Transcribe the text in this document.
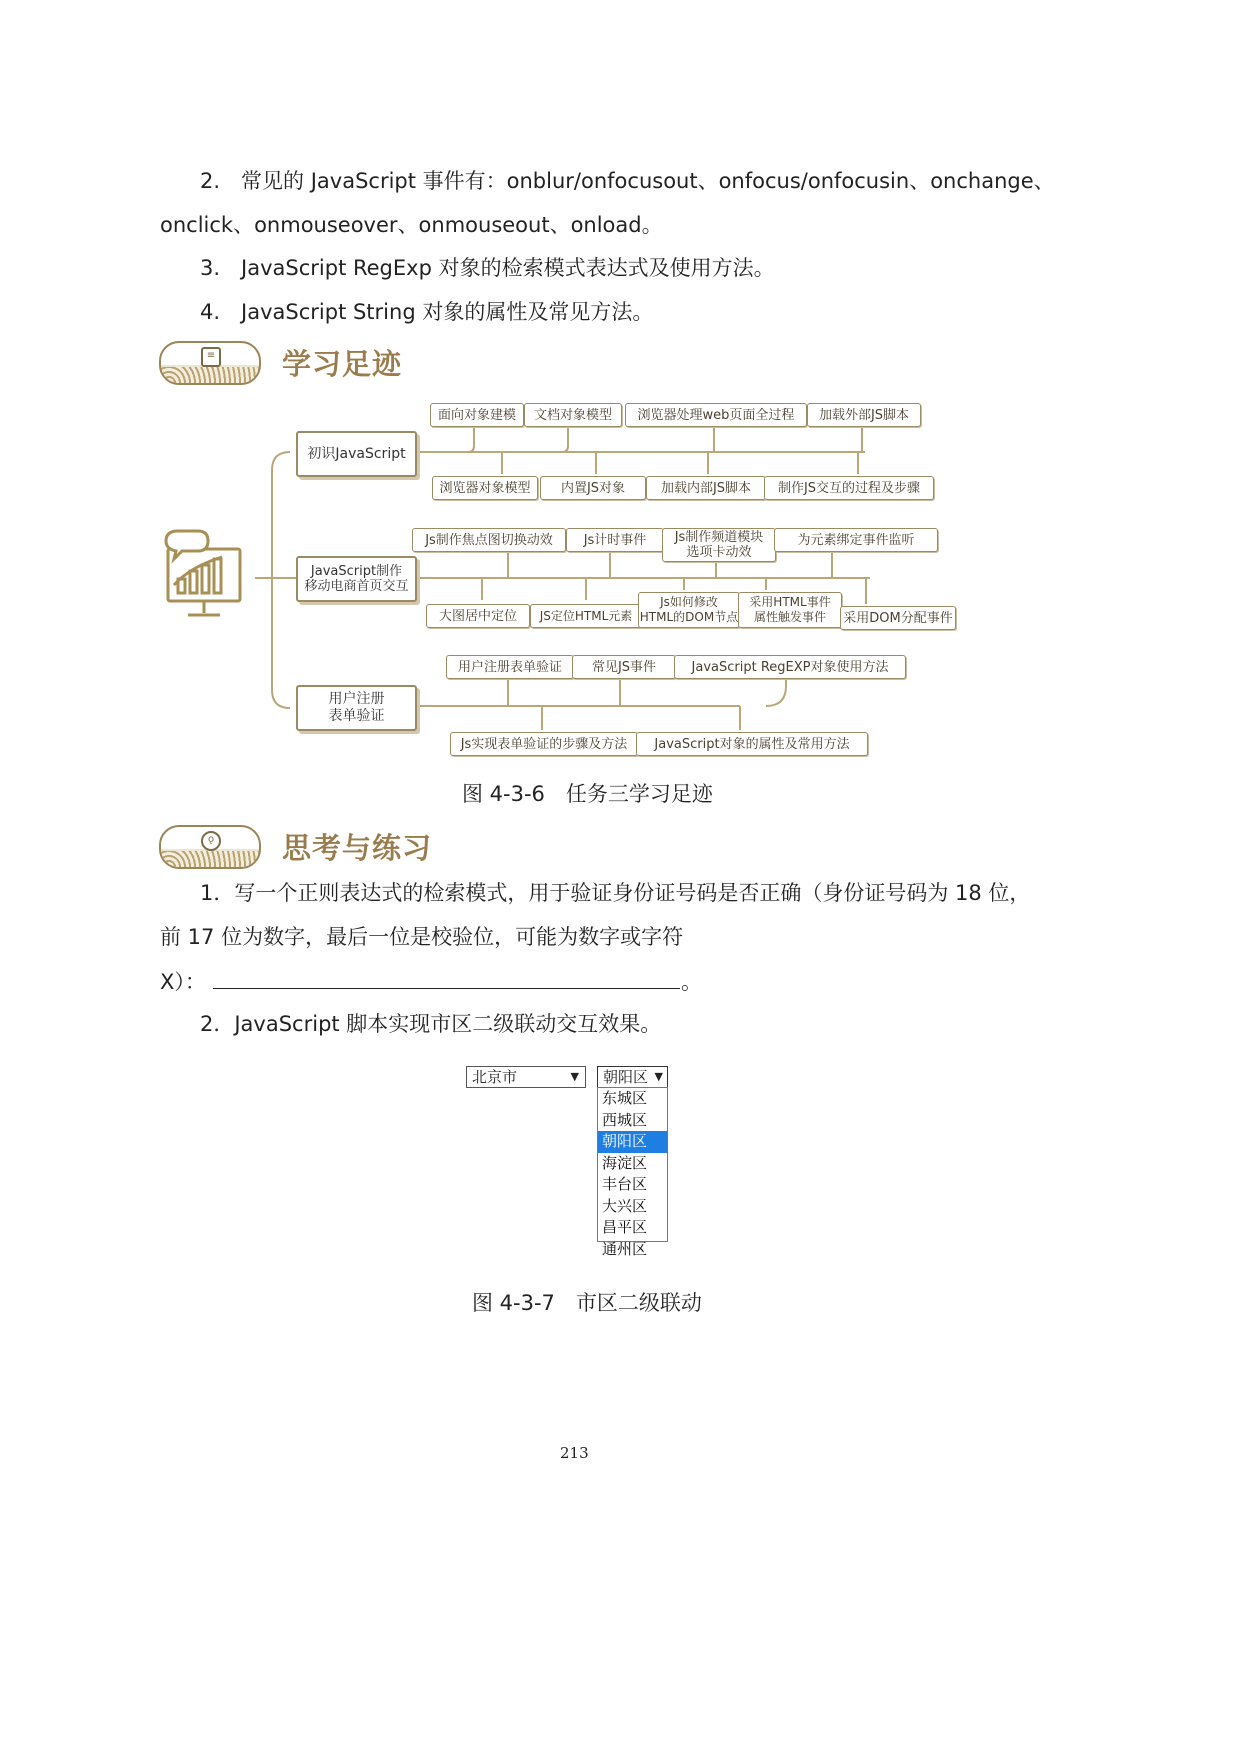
2.　常见的 JavaScript 事件有：onblur/onfocusout、onfocus/onfocusin、onchange、
onclick、onmouseover、onmouseout、onload。
3.　JavaScript RegExp 对象的检索模式表达式及使用方法。
4.　JavaScript String 对象的属性及常见方法。
≡ 学习足迹
初识JavaScript
JavaScript制作
移动电商首页交互
用户注册
表单验证
面向对象建模	文档对象模型	浏览器处理web页面全过程	加载外部JS脚本
浏览器对象模型	内置JS对象	加载内部JS脚本	制作JS交互的过程及步骤
Js制作焦点图切换动效	Js计时事件	Js制作频道模块
选项卡动效
为元素绑定事件监听
大图居中定位	JS定位HTML元素
Js如何修改
HTML的DOM节点
采用HTML事件
属性触发事件 采用DOM分配事件
用户注册表单验证	常见JS事件	JavaScript RegEXP对象使用方法
Js实现表单验证的步骤及方法	JavaScript对象的属性及常用方法
图 4-3-6　任务三学习足迹
ǫ 思考与练习
1．写一个正则表达式的检索模式，用于验证身份证号码是否正确（身份证号码为 18 位，
前 17 位为数字，最后一位是校验位，可能为数字或字符
X）：	。
2．JavaScript 脚本实现市区二级联动交互效果。
北京市	▼	朝阳区 ▼
东城区
西城区
朝阳区
海淀区
丰台区
大兴区
昌平区
通州区
图 4-3-7　市区二级联动
213
